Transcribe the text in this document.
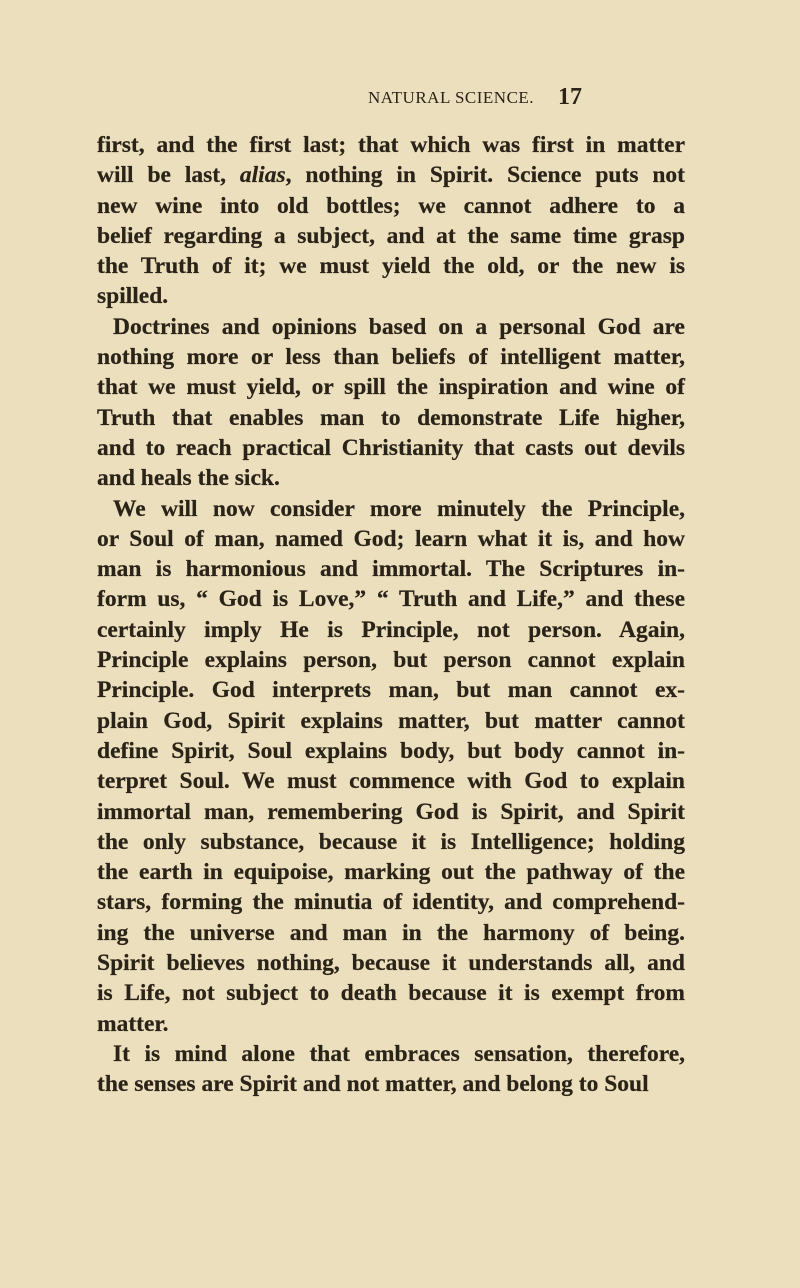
NATURAL SCIENCE. 17
first, and the first last; that which was first in matter
will be last, alias, nothing in Spirit. Science puts not
new wine into old bottles; we cannot adhere to a
belief regarding a subject, and at the same time grasp
the Truth of it; we must yield the old, or the new is
spilled.
Doctrines and opinions based on a personal God are
nothing more or less than beliefs of intelligent matter,
that we must yield, or spill the inspiration and wine of
Truth that enables man to demonstrate Life higher,
and to reach practical Christianity that casts out devils
and heals the sick.
We will now consider more minutely the Principle,
or Soul of man, named God; learn what it is, and how
man is harmonious and immortal. The Scriptures in-
form us, “ God is Love,” “ Truth and Life,” and these
certainly imply He is Principle, not person. Again,
Principle explains person, but person cannot explain
Principle. God interprets man, but man cannot ex-
plain God, Spirit explains matter, but matter cannot
define Spirit, Soul explains body, but body cannot in-
terpret Soul. We must commence with God to explain
immortal man, remembering God is Spirit, and Spirit
the only substance, because it is Intelligence; holding
the earth in equipoise, marking out the pathway of the
stars, forming the minutia of identity, and comprehend-
ing the universe and man in the harmony of being.
Spirit believes nothing, because it understands all, and
is Life, not subject to death because it is exempt from
matter.
It is mind alone that embraces sensation, therefore,
the senses are Spirit and not matter, and belong to Soul
